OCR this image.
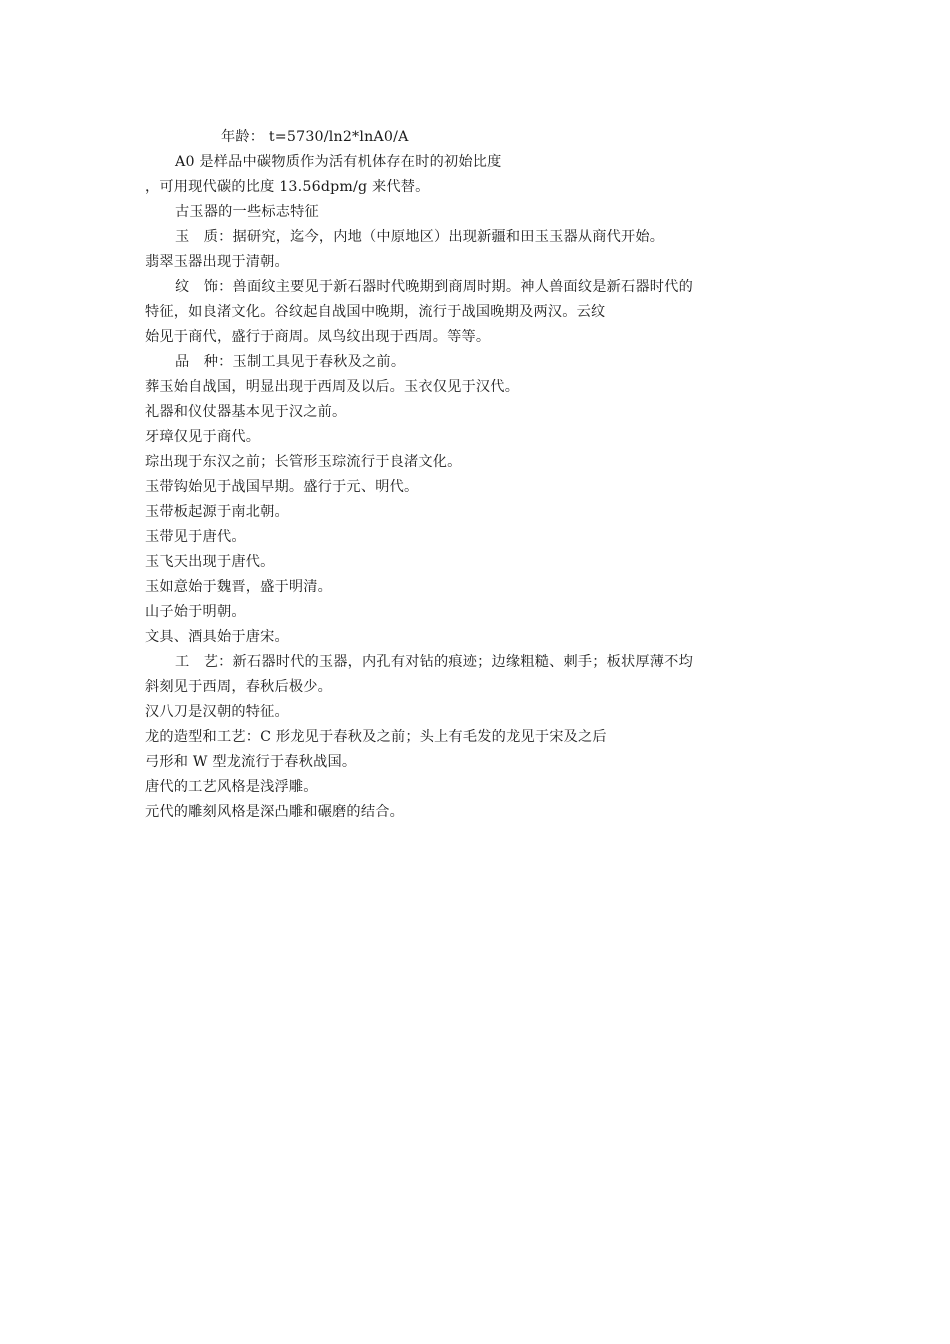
年龄： t=5730/ln2*lnA0/A
A0 是样品中碳物质作为活有机体存在时的初始比度
，可用现代碳的比度 13.56dpm/g 来代替。
古玉器的一些标志特征
玉　质：据研究，迄今，内地（中原地区）出现新疆和田玉玉器从商代开始。
翡翠玉器出现于清朝。
纹　饰：兽面纹主要见于新石器时代晚期到商周时期。神人兽面纹是新石器时代的
特征，如良渚文化。谷纹起自战国中晚期，流行于战国晚期及两汉。云纹
始见于商代，盛行于商周。凤鸟纹出现于西周。等等。
品　种：玉制工具见于春秋及之前。
葬玉始自战国，明显出现于西周及以后。玉衣仅见于汉代。
礼器和仪仗器基本见于汉之前。
牙璋仅见于商代。
琮出现于东汉之前；长管形玉琮流行于良渚文化。
玉带钩始见于战国早期。盛行于元、明代。
玉带板起源于南北朝。
玉带见于唐代。
玉飞天出现于唐代。
玉如意始于魏晋，盛于明清。
山子始于明朝。
文具、酒具始于唐宋。
工　艺：新石器时代的玉器，内孔有对钻的痕迹；边缘粗糙、刺手；板状厚薄不均
斜刻见于西周，春秋后极少。
汉八刀是汉朝的特征。
龙的造型和工艺：C 形龙见于春秋及之前；头上有毛发的龙见于宋及之后
弓形和 W 型龙流行于春秋战国。
唐代的工艺风格是浅浮雕。
元代的雕刻风格是深凸雕和碾磨的结合。
